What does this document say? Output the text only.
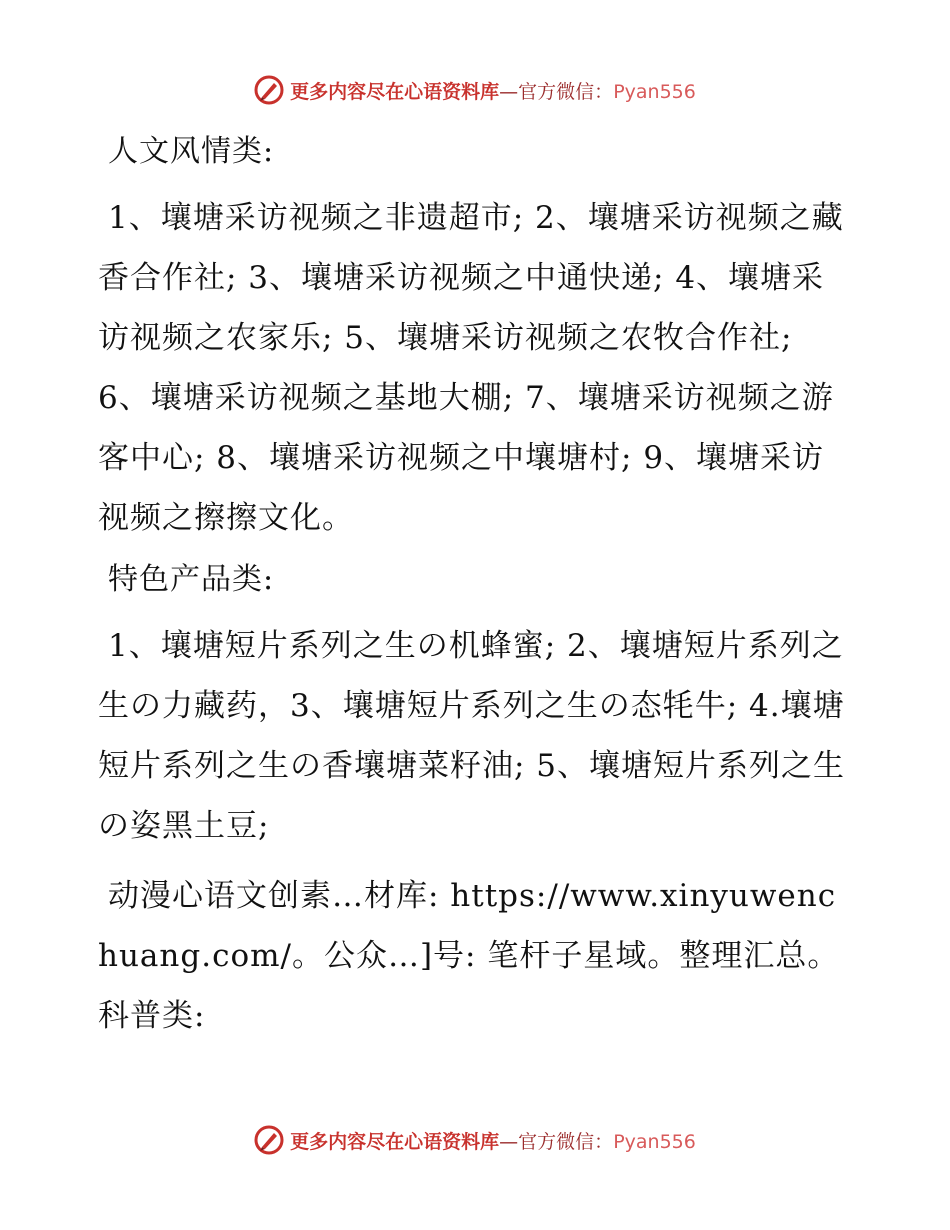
更多内容尽在心语资料库—官方微信：Pyan556
人文风情类:

1、壤塘采访视频之非遗超市; 2、壤塘采访视频之藏香合作社; 3、壤塘采访视频之中通快递; 4、壤塘采访视频之农家乐; 5、壤塘采访视频之农牧合作社; 6、壤塘采访视频之基地大棚; 7、壤塘采访视频之游客中心; 8、壤塘采访视频之中壤塘村; 9、壤塘采访视频之擦擦文化。

特色产品类:

1、壤塘短片系列之生の机蜂蜜; 2、壤塘短片系列之生の力藏药，3、壤塘短片系列之生の态牦牛; 4.壤塘短片系列之生の香壤塘菜籽油; 5、壤塘短片系列之生の姿黑土豆;

动漫心语文创素…材库: https://www.xinyuwenchuang.com/。公众…]号: 笔杆子星域。整理汇总。科普类:

更多内容尽在心语资料库—官方微信：Pyan556
